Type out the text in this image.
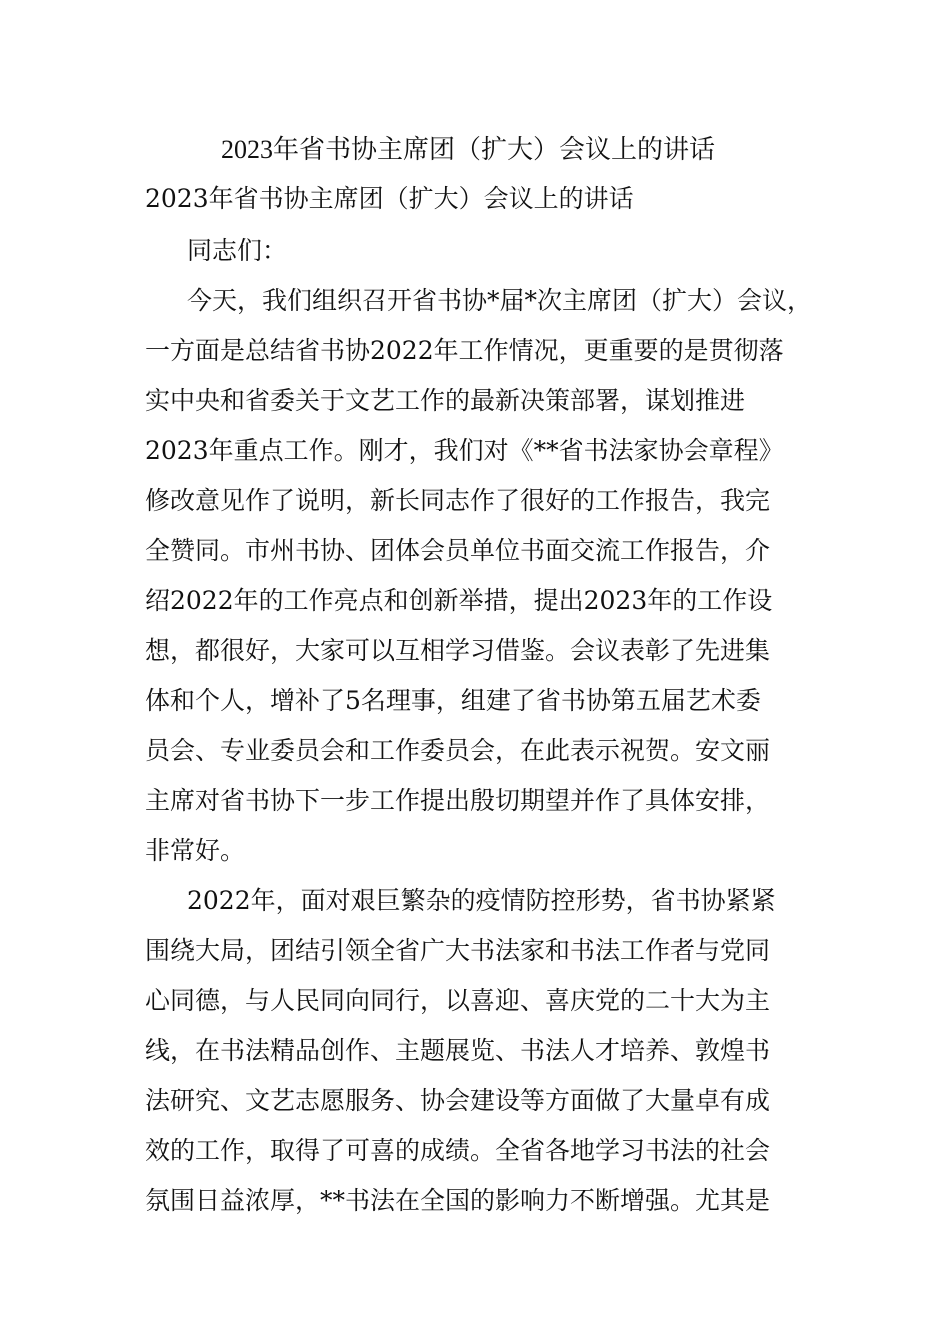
2023年省书协主席团（扩大）会议上的讲话
2023年省书协主席团（扩大）会议上的讲话
同志们：
今天，我们组织召开省书协*届*次主席团（扩大）会议，
一方面是总结省书协2022年工作情况，更重要的是贯彻落
实中央和省委关于文艺工作的最新决策部署，谋划推进
2023年重点工作。刚才，我们对《**省书法家协会章程》
修改意见作了说明，新长同志作了很好的工作报告，我完
全赞同。市州书协、团体会员单位书面交流工作报告，介
绍2022年的工作亮点和创新举措，提出2023年的工作设
想，都很好，大家可以互相学习借鉴。会议表彰了先进集
体和个人，增补了5名理事，组建了省书协第五届艺术委
员会、专业委员会和工作委员会，在此表示祝贺。安文丽
主席对省书协下一步工作提出殷切期望并作了具体安排，
非常好。
2022年，面对艰巨繁杂的疫情防控形势，省书协紧紧
围绕大局，团结引领全省广大书法家和书法工作者与党同
心同德，与人民同向同行，以喜迎、喜庆党的二十大为主
线，在书法精品创作、主题展览、书法人才培养、敦煌书
法研究、文艺志愿服务、协会建设等方面做了大量卓有成
效的工作，取得了可喜的成绩。全省各地学习书法的社会
氛围日益浓厚，**书法在全国的影响力不断增强。尤其是
